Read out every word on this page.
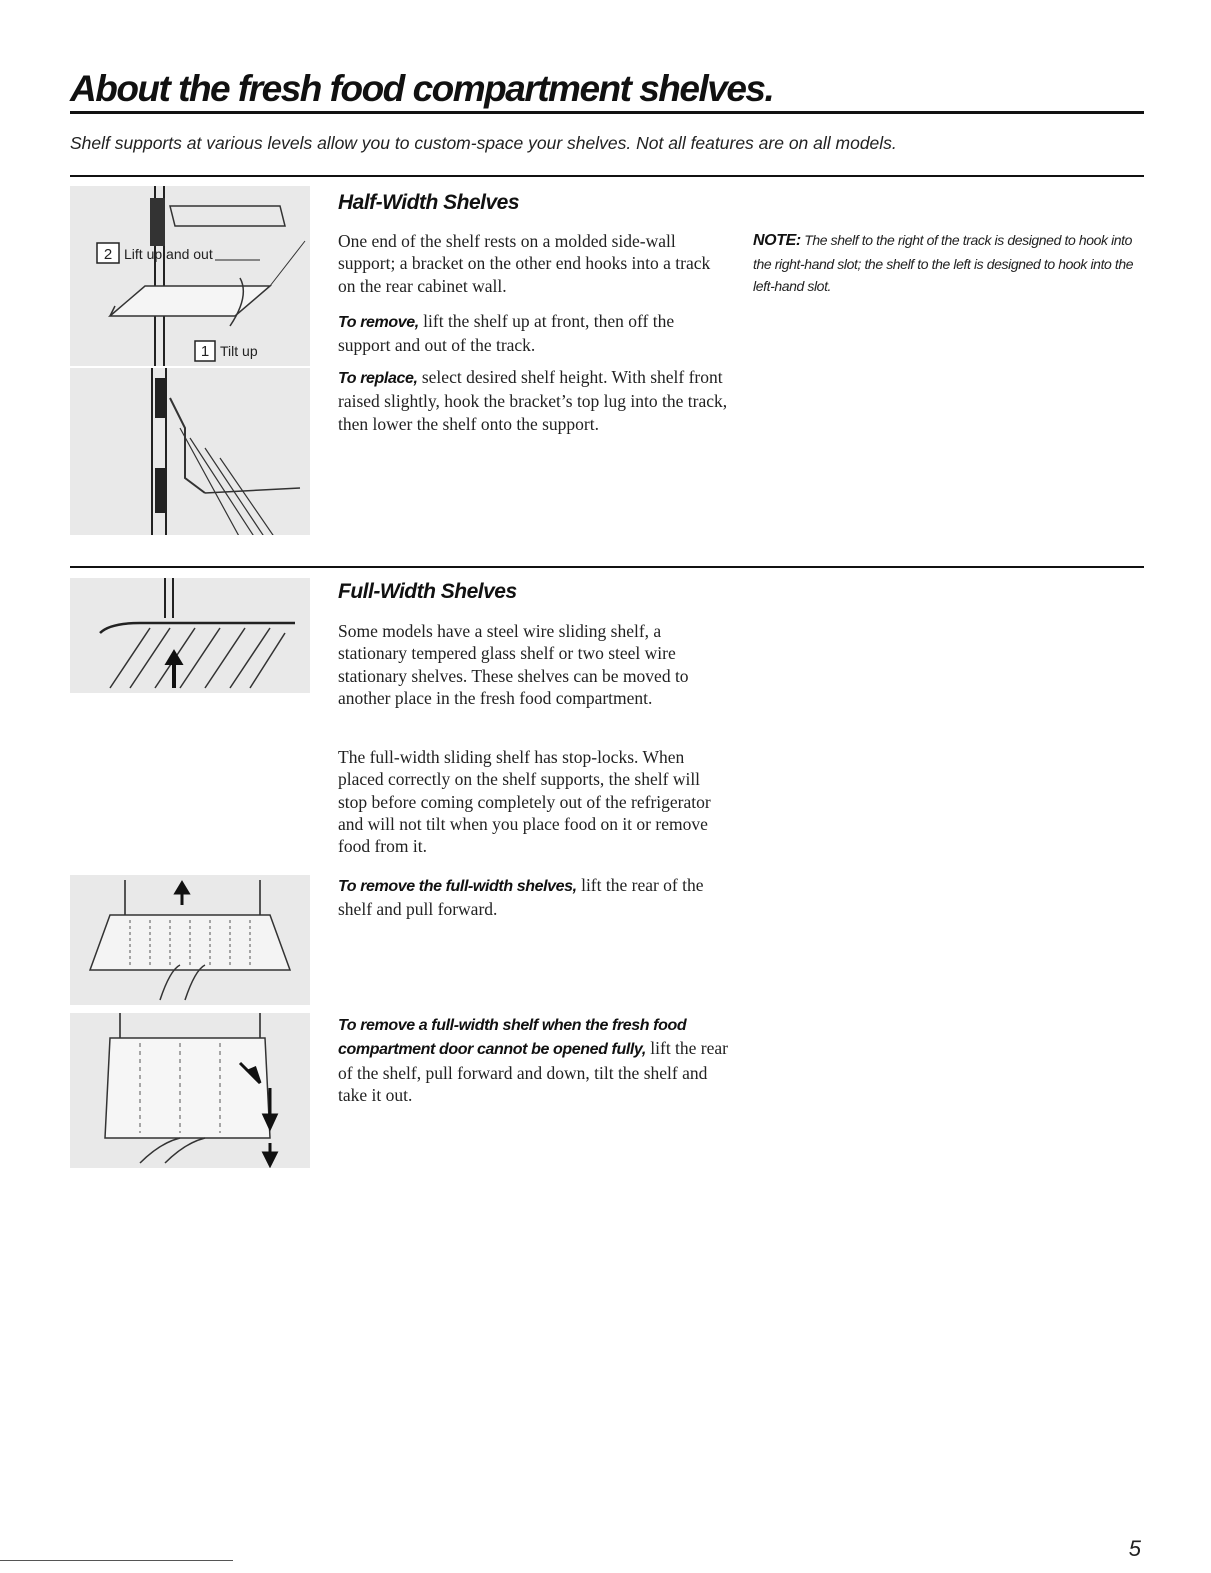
About the fresh food compartment shelves.
Shelf supports at various levels allow you to custom-space your shelves. Not all features are on all models.
2 Lift up and out
1 Tilt up
Half-Width Shelves

One end of the shelf rests on a molded side-wall support; a bracket on the other end hooks into a track on the rear cabinet wall.

To remove, lift the shelf up at front, then off the support and out of the track.

To replace, select desired shelf height. With shelf front raised slightly, hook the bracket’s top lug into the track, then lower the shelf onto the support.

NOTE: The shelf to the right of the track is designed to hook into the right-hand slot; the shelf to the left is designed to hook into the left-hand slot.

Full-Width Shelves

Some models have a steel wire sliding shelf, a stationary tempered glass shelf or two steel wire stationary shelves. These shelves can be moved to another place in the fresh food compartment.

The full-width sliding shelf has stop-locks. When placed correctly on the shelf supports, the shelf will stop before coming completely out of the refrigerator and will not tilt when you place food on it or remove food from it.

To remove the full-width shelves, lift the rear of the shelf and pull forward.

To remove a full-width shelf when the fresh food compartment door cannot be opened fully, lift the rear of the shelf, pull forward and down, tilt the shelf and take it out.

5
